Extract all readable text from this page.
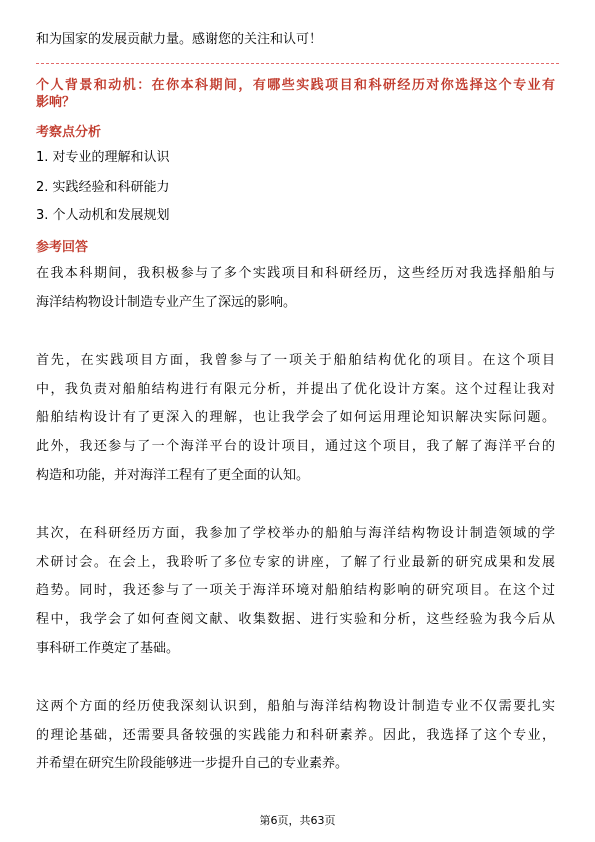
和为国家的发展贡献力量。感谢您的关注和认可！
个人背景和动机：在你本科期间，有哪些实践项目和科研经历对你选择这个专业有
影响？
考察点分析
1. 对专业的理解和认识
2. 实践经验和科研能力
3. 个人动机和发展规划
参考回答
在我本科期间，我积极参与了多个实践项目和科研经历，这些经历对我选择船舶与
海洋结构物设计制造专业产生了深远的影响。
首先，在实践项目方面，我曾参与了一项关于船舶结构优化的项目。在这个项目
中，我负责对船舶结构进行有限元分析，并提出了优化设计方案。这个过程让我对
船舶结构设计有了更深入的理解，也让我学会了如何运用理论知识解决实际问题。
此外，我还参与了一个海洋平台的设计项目，通过这个项目，我了解了海洋平台的
构造和功能，并对海洋工程有了更全面的认知。
其次，在科研经历方面，我参加了学校举办的船舶与海洋结构物设计制造领域的学
术研讨会。在会上，我聆听了多位专家的讲座，了解了行业最新的研究成果和发展
趋势。同时，我还参与了一项关于海洋环境对船舶结构影响的研究项目。在这个过
程中，我学会了如何查阅文献、收集数据、进行实验和分析，这些经验为我今后从
事科研工作奠定了基础。
这两个方面的经历使我深刻认识到，船舶与海洋结构物设计制造专业不仅需要扎实
的理论基础，还需要具备较强的实践能力和科研素养。因此，我选择了这个专业，
并希望在研究生阶段能够进一步提升自己的专业素养。
第6页，共63页
